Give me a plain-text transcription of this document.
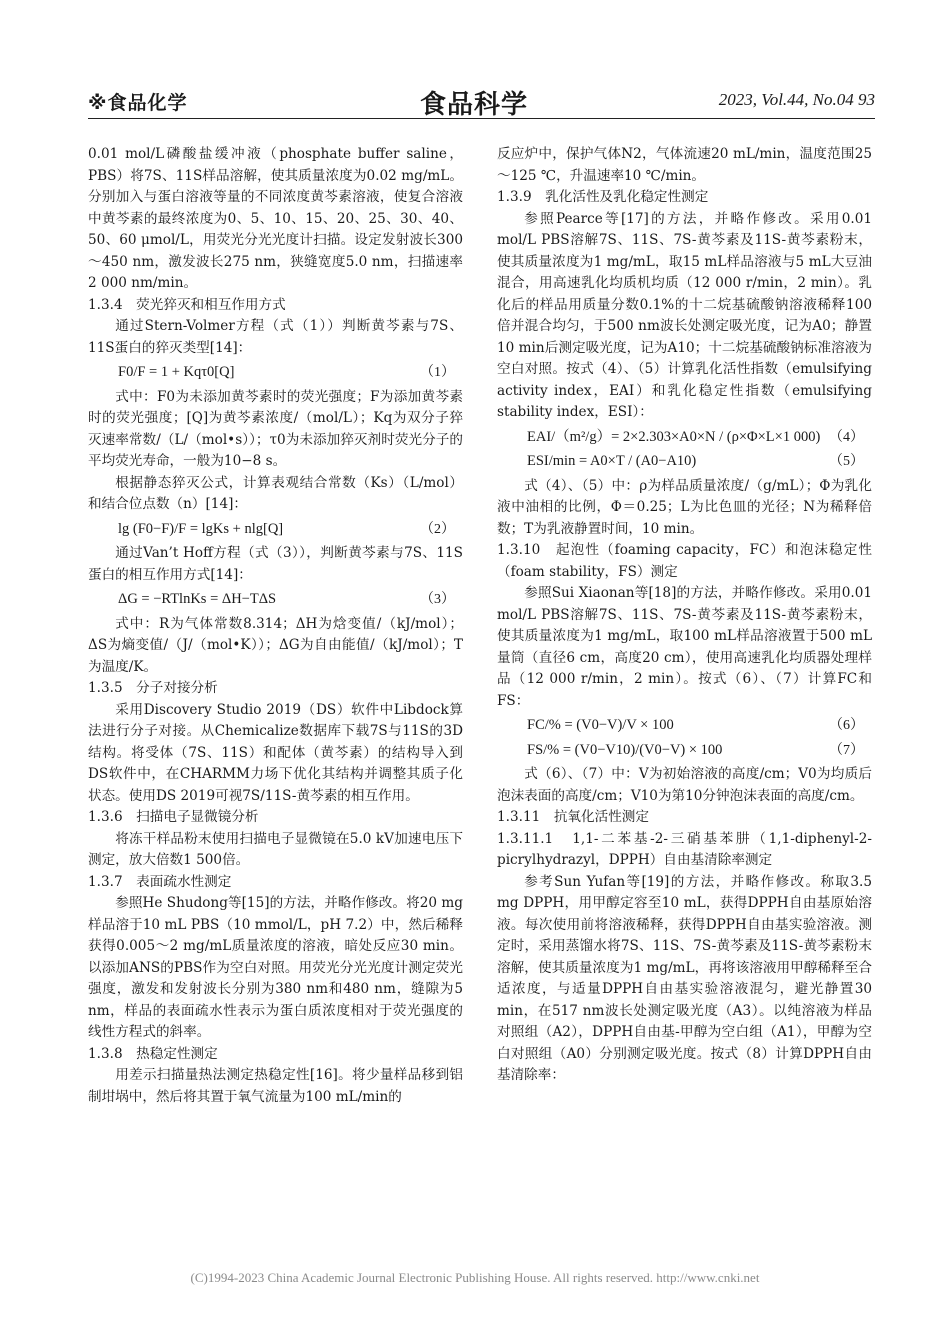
※食品化学	食品科学	2023, Vol.44, No.04 93

0.01 mol/L磷酸盐缓冲液（phosphate buffer saline，PBS）将7S、11S样品溶解，使其质量浓度为0.02 mg/mL。分别加入与蛋白溶液等量的不同浓度黄芩素溶液，使复合溶液中黄芩素的最终浓度为0、5、10、15、20、25、30、40、50、60 μmol/L，用荧光分光光度计扫描。设定发射波长300～450 nm，激发波长275 nm，狭缝宽度5.0 nm，扫描速率2 000 nm/min。

1.3.4　荧光猝灭和相互作用方式

通过Stern-Volmer方程（式（1））判断黄芩素与7S、11S蛋白的猝灭类型[14]：

F0/F = 1 + Kqτ0[Q]	（1）

式中：F0为未添加黄芩素时的荧光强度；F为添加黄芩素时的荧光强度；[Q]为黄芩素浓度/（mol/L）；Kq为双分子猝灭速率常数/（L/（mol•s））；τ0为未添加猝灭剂时荧光分子的平均荧光寿命，一般为10−8 s。

根据静态猝灭公式，计算表观结合常数（Ks）（L/mol）和结合位点数（n）[14]：

lg (F0−F)/F = lgKs + nlg[Q]	（2）

通过Van’t Hoff方程（式（3）），判断黄芩素与7S、11S蛋白的相互作用方式[14]：

ΔG = −RTlnKs = ΔH−TΔS	（3）

式中：R为气体常数8.314；ΔH为焓变值/（kJ/mol）；ΔS为熵变值/（J/（mol•K））；ΔG为自由能值/（kJ/mol）；T为温度/K。

1.3.5　分子对接分析

采用Discovery Studio 2019（DS）软件中Libdock算法进行分子对接。从Chemicalize数据库下载7S与11S的3D结构。将受体（7S、11S）和配体（黄芩素）的结构导入到DS软件中，在CHARMM力场下优化其结构并调整其质子化状态。使用DS 2019可视7S/11S-黄芩素的相互作用。

1.3.6　扫描电子显微镜分析

将冻干样品粉末使用扫描电子显微镜在5.0 kV加速电压下测定，放大倍数1 500倍。

1.3.7　表面疏水性测定

参照He Shudong等[15]的方法，并略作修改。将20 mg样品溶于10 mL PBS（10 mmol/L，pH 7.2）中，然后稀释获得0.005～2 mg/mL质量浓度的溶液，暗处反应30 min。以添加ANS的PBS作为空白对照。用荧光分光光度计测定荧光强度，激发和发射波长分别为380 nm和480 nm，缝隙为5 nm，样品的表面疏水性表示为蛋白质浓度相对于荧光强度的线性方程式的斜率。

1.3.8　热稳定性测定

用差示扫描量热法测定热稳定性[16]。将少量样品移到铝制坩埚中，然后将其置于氧气流量为100 mL/min的

反应炉中，保护气体N2，气体流速20 mL/min，温度范围25～125 ℃，升温速率10 ℃/min。

1.3.9　乳化活性及乳化稳定性测定

参照Pearce等[17]的方法，并略作修改。采用0.01 mol/L PBS溶解7S、11S、7S-黄芩素及11S-黄芩素粉末，使其质量浓度为1 mg/mL，取15 mL样品溶液与5 mL大豆油混合，用高速乳化均质机均质（12 000 r/min，2 min）。乳化后的样品用质量分数0.1%的十二烷基硫酸钠溶液稀释100 倍并混合均匀，于500 nm波长处测定吸光度，记为A0；静置10 min后测定吸光度，记为A10；十二烷基硫酸钠标准溶液为空白对照。按式（4）、（5）计算乳化活性指数（emulsifying activity index，EAI）和乳化稳定性指数（emulsifying stability index，ESI）：

EAI/（m²/g）= 2×2.303×A0×N / (ρ×Φ×L×1 000) （4）
ESI/min = A0×T / (A0−A10)	（5）

式（4）、（5）中：ρ为样品质量浓度/（g/mL）；Φ为乳化液中油相的比例，Φ＝0.25；L为比色皿的光径；N为稀释倍数；T为乳液静置时间，10 min。

1.3.10　起泡性（foaming capacity，FC）和泡沫稳定性（foam stability，FS）测定

参照Sui Xiaonan等[18]的方法，并略作修改。采用0.01 mol/L PBS溶解7S、11S、7S-黄芩素及11S-黄芩素粉末，使其质量浓度为1 mg/mL，取100 mL样品溶液置于500 mL量筒（直径6 cm，高度20 cm），使用高速乳化均质器处理样品（12 000 r/min，2 min）。按式（6）、（7）计算FC和FS：

FC/% = (V0−V)/V × 100	（6）
FS/% = (V0−V10)/(V0−V) × 100	（7）

式（6）、（7）中：V为初始溶液的高度/cm；V0为均质后泡沫表面的高度/cm；V10为第10分钟泡沫表面的高度/cm。

1.3.11　抗氧化活性测定

1.3.11.1　1,1-二苯基-2-三硝基苯肼（1,1-diphenyl-2-picrylhydrazyl，DPPH）自由基清除率测定

参考Sun Yufan等[19]的方法，并略作修改。称取3.5 mg DPPH，用甲醇定容至10 mL，获得DPPH自由基原始溶液。每次使用前将溶液稀释，获得DPPH自由基实验溶液。测定时，采用蒸馏水将7S、11S、7S-黄芩素及11S-黄芩素粉末溶解，使其质量浓度为1 mg/mL，再将该溶液用甲醇稀释至合适浓度，与适量DPPH自由基实验溶液混匀，避光静置30 min，在517 nm波长处测定吸光度（A3）。以纯溶液为样品对照组（A2），DPPH自由基-甲醇为空白组（A1），甲醇为空白对照组（A0）分别测定吸光度。按式（8）计算DPPH自由基清除率：

(C)1994-2023 China Academic Journal Electronic Publishing House. All rights reserved. http://www.cnki.net
